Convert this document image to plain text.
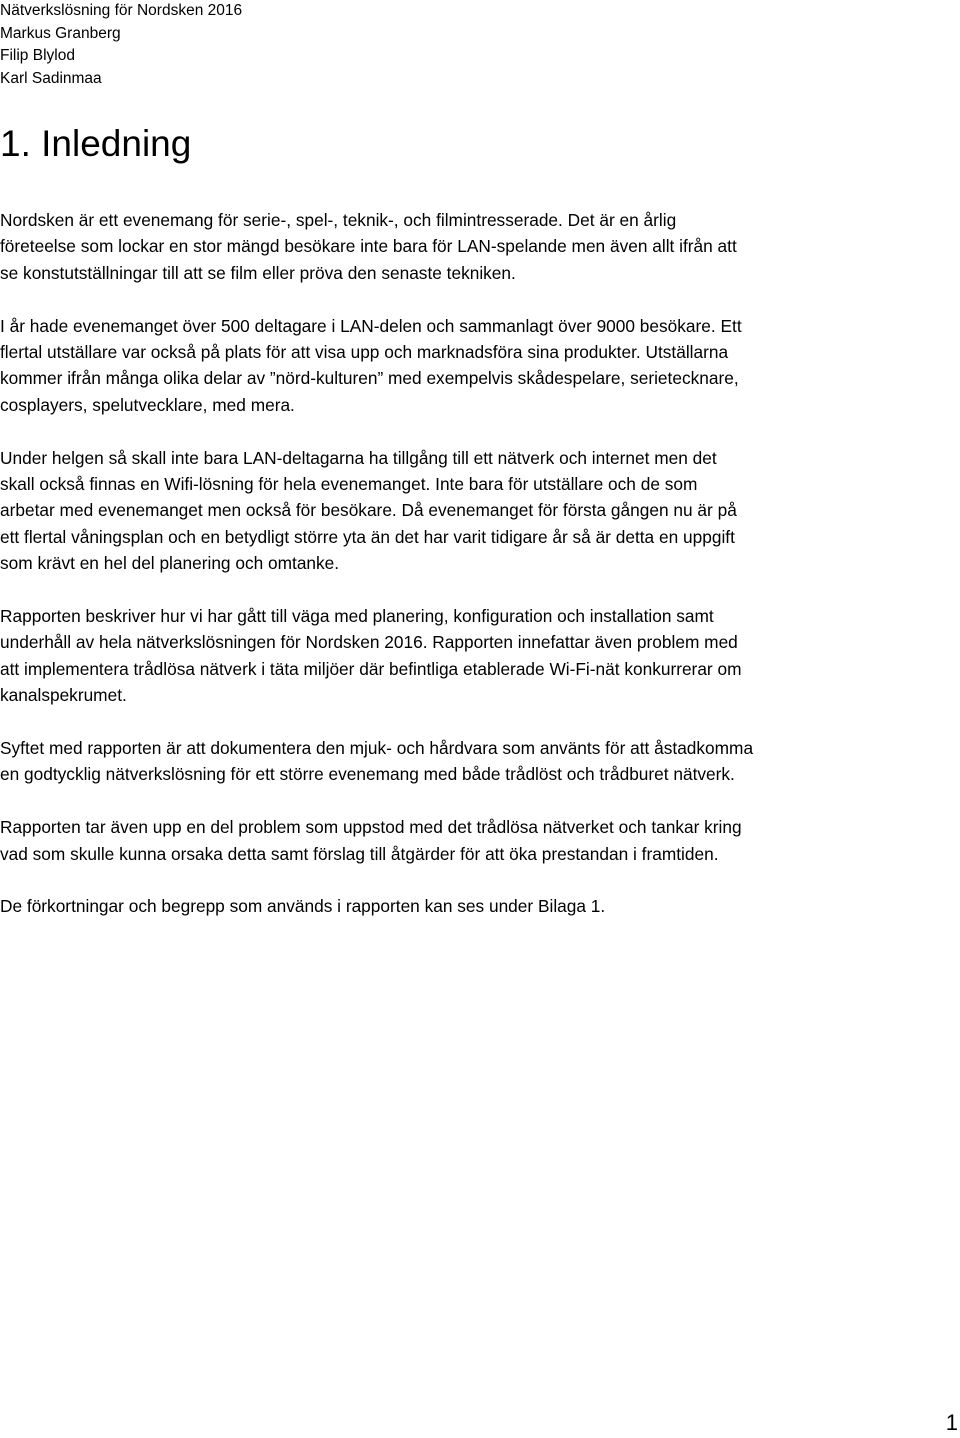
Nätverkslösning för Nordsken 2016
Markus Granberg
Filip Blylod
Karl Sadinmaa
1. Inledning

Nordsken är ett evenemang för serie-, spel-, teknik-, och filmintresserade. Det är en årlig
företeelse som lockar en stor mängd besökare inte bara för LAN-spelande men även allt ifrån att
se konstutställningar till att se film eller pröva den senaste tekniken.

I år hade evenemanget över 500 deltagare i LAN-delen och sammanlagt över 9000 besökare. Ett
flertal utställare var också på plats för att visa upp och marknadsföra sina produkter. Utställarna
kommer ifrån många olika delar av ”nörd-kulturen” med exempelvis skådespelare, serietecknare,
cosplayers, spelutvecklare, med mera.

Under helgen så skall inte bara LAN-deltagarna ha tillgång till ett nätverk och internet men det
skall också finnas en Wifi-lösning för hela evenemanget. Inte bara för utställare och de som
arbetar med evenemanget men också för besökare. Då evenemanget för första gången nu är på
ett flertal våningsplan och en betydligt större yta än det har varit tidigare år så är detta en uppgift
som krävt en hel del planering och omtanke.

Rapporten beskriver hur vi har gått till väga med planering, konfiguration och installation samt
underhåll av hela nätverkslösningen för Nordsken 2016. Rapporten innefattar även problem med
att implementera trådlösa nätverk i täta miljöer där befintliga etablerade Wi-Fi-nät konkurrerar om
kanalspekrumet.

Syftet med rapporten är att dokumentera den mjuk- och hårdvara som använts för att åstadkomma
en godtycklig nätverkslösning för ett större evenemang med både trådlöst och trådburet nätverk.

Rapporten tar även upp en del problem som uppstod med det trådlösa nätverket och tankar kring
vad som skulle kunna orsaka detta samt förslag till åtgärder för att öka prestandan i framtiden.

De förkortningar och begrepp som används i rapporten kan ses under Bilaga 1.

1
